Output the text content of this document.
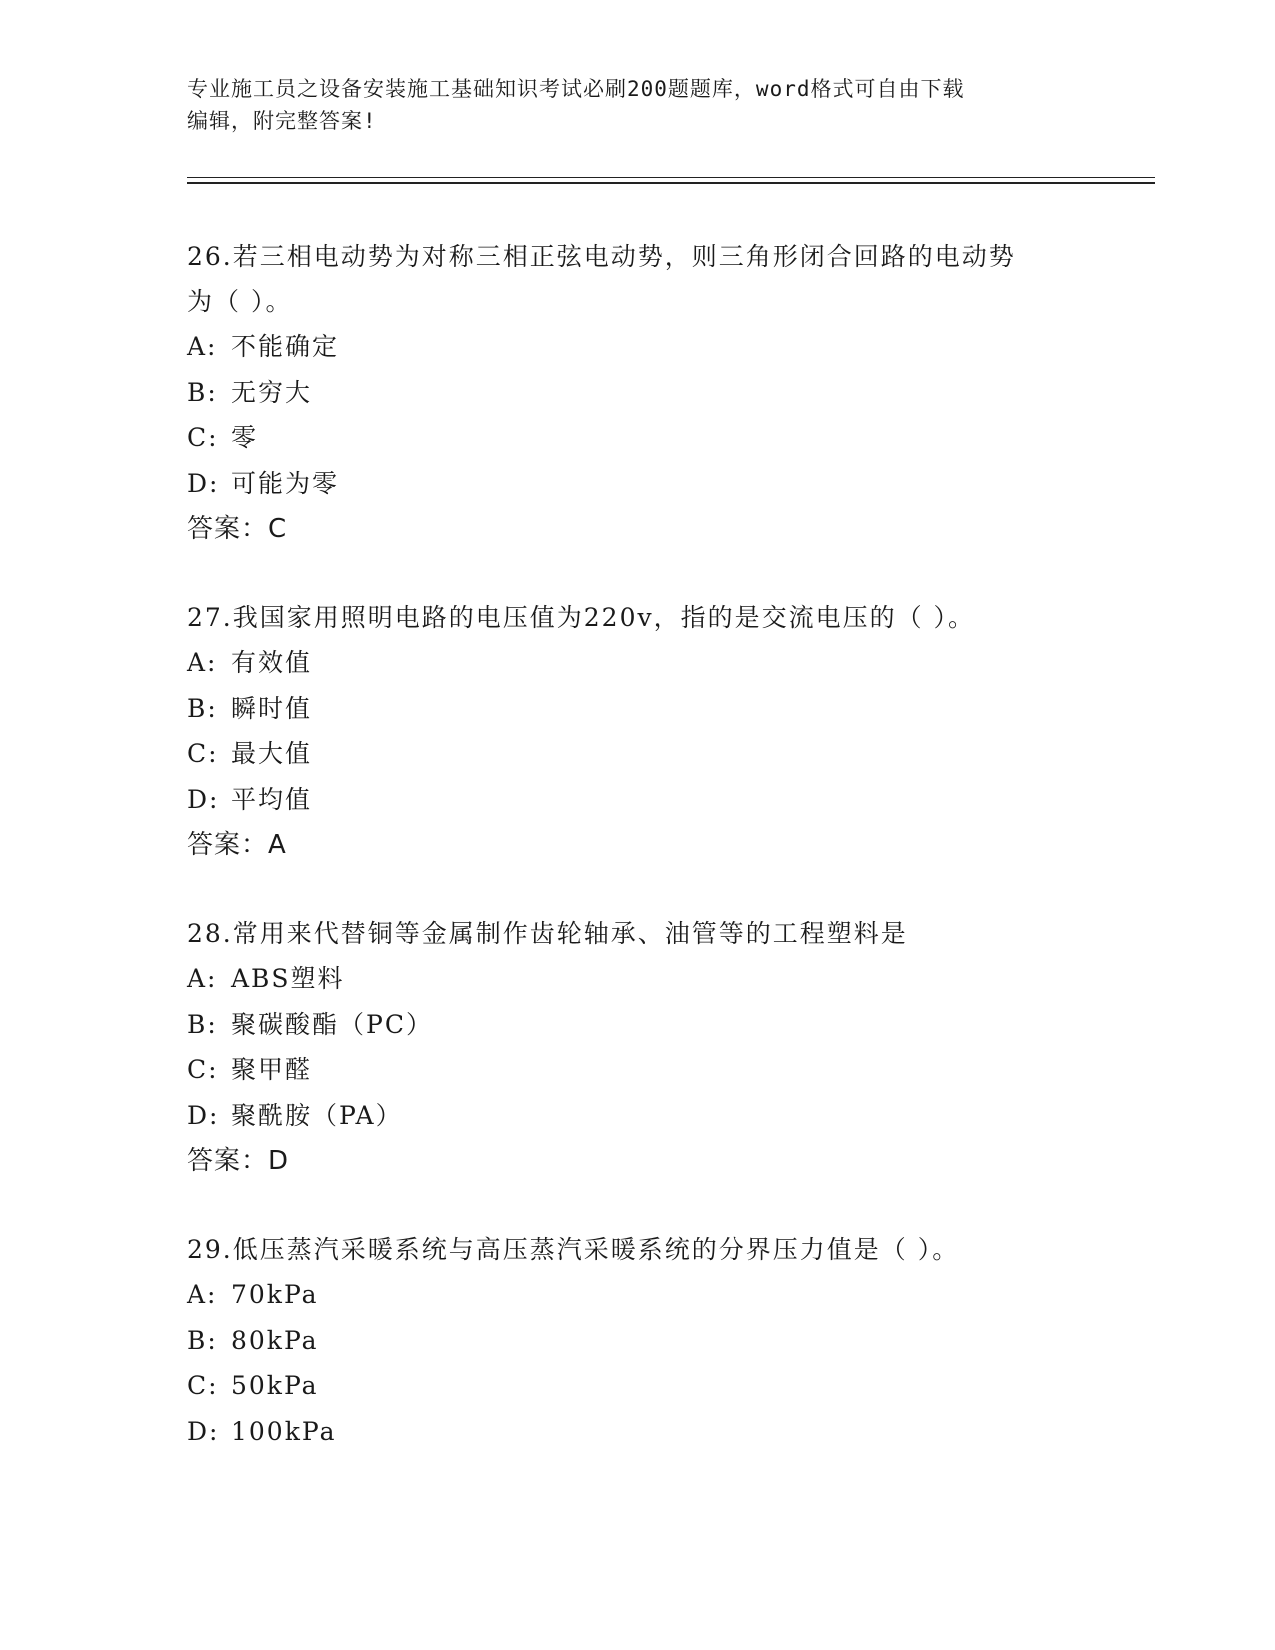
专业施工员之设备安装施工基础知识考试必刷200题题库，word格式可自由下载
编辑，附完整答案!
26.若三相电动势为对称三相正弦电动势，则三角形闭合回路的电动势
为（ ）。
A: 不能确定
B: 无穷大
C: 零
D: 可能为零
答案：C
27.我国家用照明电路的电压值为220v，指的是交流电压的（ ）。
A: 有效值
B: 瞬时值
C: 最大值
D: 平均值
答案：A
28.常用来代替铜等金属制作齿轮轴承、油管等的工程塑料是
A: ABS塑料
B: 聚碳酸酯（PC）
C: 聚甲醛
D: 聚酰胺（PA）
答案：D
29.低压蒸汽采暖系统与高压蒸汽采暖系统的分界压力值是（ ）。
A: 70kPa
B: 80kPa
C: 50kPa
D: 100kPa
